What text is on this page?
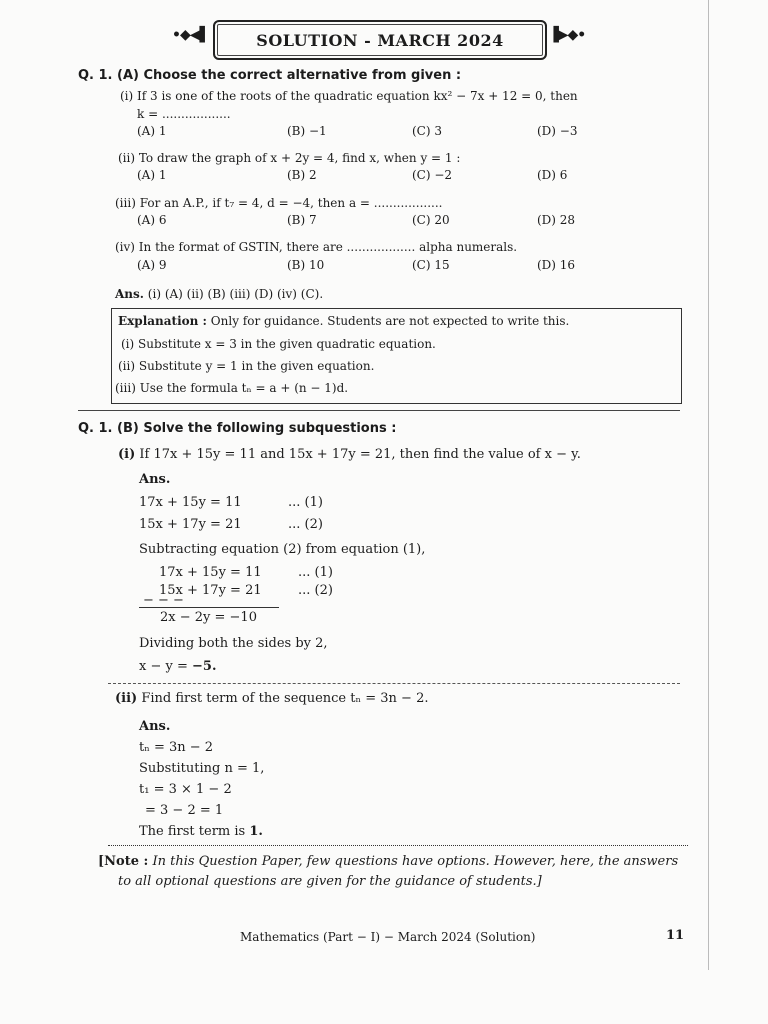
•◆◀▌	SOLUTION - MARCH 2024	▐▶◆•
Q. 1. (A) Choose the correct alternative from given :
(i) If 3 is one of the roots of the quadratic equation kx² − 7x + 12 = 0, then
k = ..................
(A) 1	(B) −1	(C) 3	(D) −3
(ii) To draw the graph of x + 2y = 4, find x, when y = 1 :
(A) 1	(B) 2	(C) −2	(D) 6
(iii) For an A.P., if t₇ = 4, d = −4, then a = ..................
(A) 6	(B) 7	(C) 20	(D) 28
(iv) In the format of GSTIN, there are .................. alpha numerals.
(A) 9	(B) 10	(C) 15	(D) 16
Ans. (i) (A) (ii) (B) (iii) (D) (iv) (C).
Explanation : Only for guidance. Students are not expected to write this.
(i) Substitute x = 3 in the given quadratic equation.
(ii) Substitute y = 1 in the given equation.
(iii) Use the formula tₙ = a + (n − 1)d.
Q. 1. (B) Solve the following subquestions :
(i) If 17x + 15y = 11 and 15x + 17y = 21, then find the value of x − y.
Ans.
17x + 15y = 11	... (1)
15x + 17y = 21	... (2)
Subtracting equation (2) from equation (1),
17x + 15y = 11	... (1)
15x + 17y = 21	... (2)
− − −
2x − 2y = −10
Dividing both the sides by 2,
x − y = −5.
(ii) Find first term of the sequence tₙ = 3n − 2.
Ans.
tₙ = 3n − 2
Substituting n = 1,
t₁ = 3 × 1 − 2
= 3 − 2 = 1
The first term is 1.
[Note : In this Question Paper, few questions have options. However, here, the answers
to all optional questions are given for the guidance of students.]
Mathematics (Part − I) − March 2024 (Solution)	11
